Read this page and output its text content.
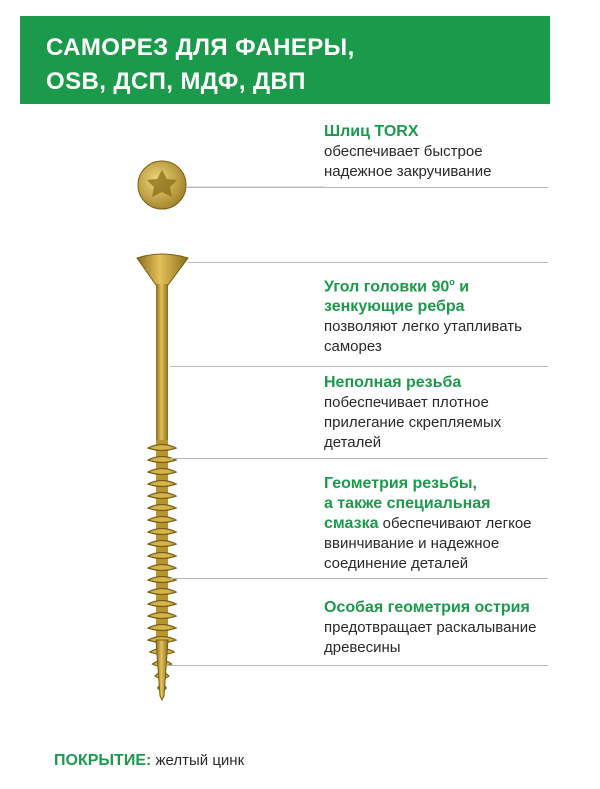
САМОРЕЗ ДЛЯ ФАНЕРЫ,
OSB, ДСП, МДФ, ДВП
Шлиц TORX
обеспечивает быстрое
надежное закручивание
Угол головки $90^о$ и
зенкующие ребра
позволяют легко утапливать
саморез
Неполная резьба
побеспечивает плотное
прилегание скрепляемых
деталей
Геометрия резьбы,
а также специальная
смазка обеспечивают легкое
ввинчивание и надежное
соединение деталей
Особая геометрия острия
предотвращает раскалывание
древесины
ПОКРЫТИЕ: желтый цинк
